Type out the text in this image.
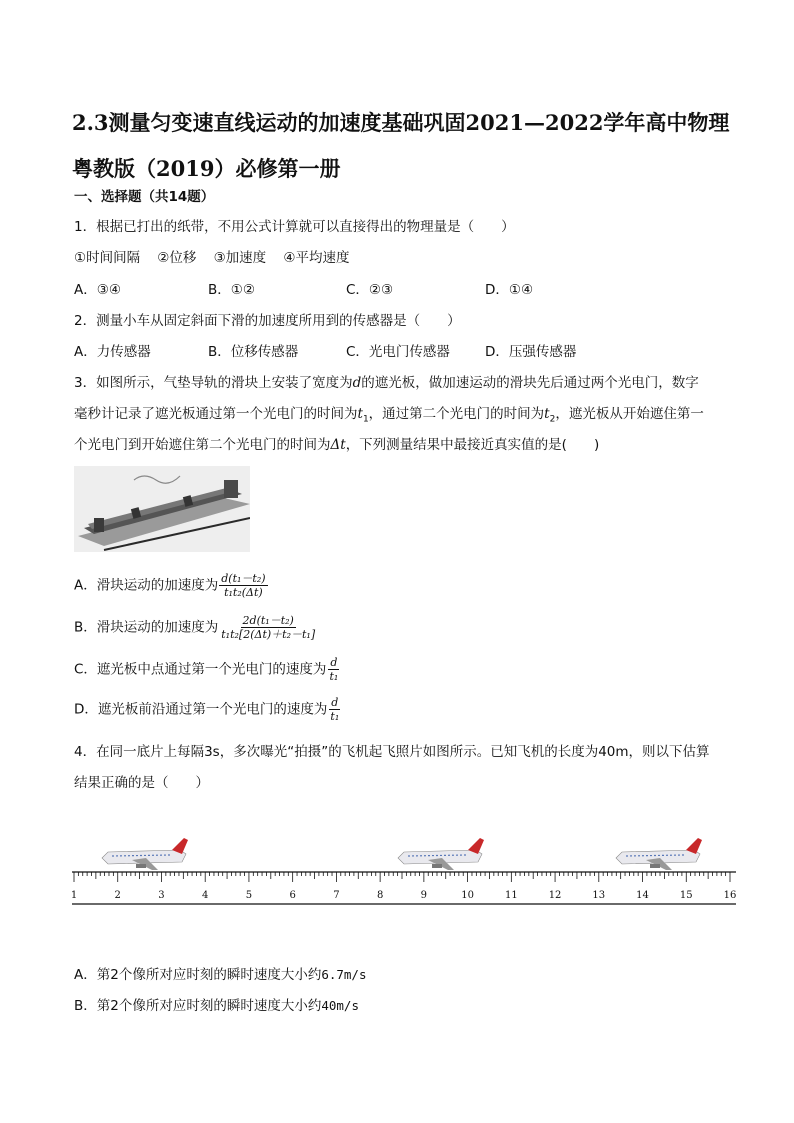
2.3测量匀变速直线运动的加速度基础巩固2021—2022学年高中物理粤教版（2019）必修第一册
一、选择题（共14题）
1．根据已打出的纸带，不用公式计算就可以直接得出的物理量是（　　）
①时间间隔 ②位移 ③加速度 ④平均速度
A．③④	B．①②	C．②③	D．①④
2．测量小车从固定斜面下滑的加速度所用到的传感器是（　　）
A．力传感器	B．位移传感器	C．光电门传感器	D．压强传感器
3．如图所示，气垫导轨的滑块上安装了宽度为d的遮光板，做加速运动的滑块先后通过两个光电门，数字
毫秒计记录了遮光板通过第一个光电门的时间为$t_1$，通过第二个光电门的时间为$t_2$，遮光板从开始遮住第一
个光电门到开始遮住第二个光电门的时间为Δt，下列测量结果中最接近真实值的是(　　)
A．滑块运动的加速度为 $\frac{\text{d(t₁－t₂)}}{\text{t₁t₂(Δt)}}$
B．滑块运动的加速度为 $\frac{\text{2d(t₁－t₂)}}{\text{t₁t₂[2(Δt)＋t₂－t₁]}}$
C．遮光板中点通过第一个光电门的速度为 $\frac{d}{\text{t₁}}$
D．遮光板前沿通过第一个光电门的速度为 $\frac{d}{\text{t₁}}$
4．在同一底片上每隔3s，多次曝光“拍摄”的飞机起飞照片如图所示。已知飞机的长度为40m，则以下估算
结果正确的是（　　）
1	2	3	4	5	6	7	8	9	10	11	12	13	14	15	16
A．第2个像所对应时刻的瞬时速度大小约6.7m/s
B．第2个像所对应时刻的瞬时速度大小约40m/s
